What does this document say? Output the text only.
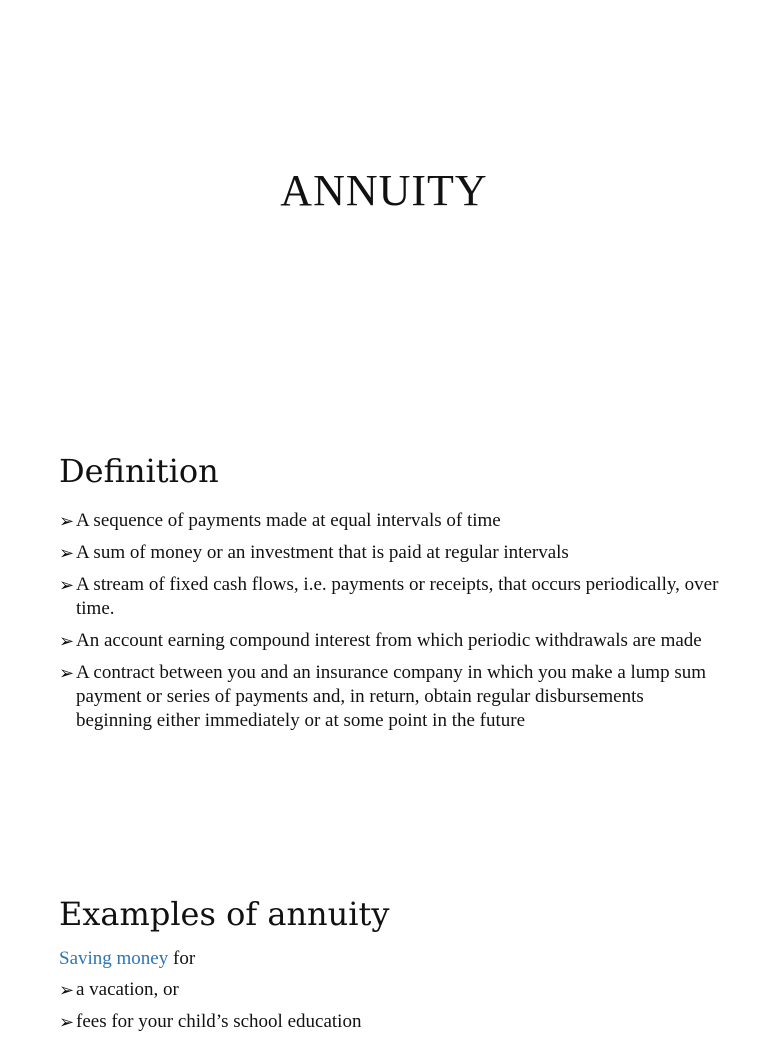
ANNUITY
Definition
➢ A sequence of payments made at equal intervals of time
➢ A sum of money or an investment that is paid at regular intervals
➢ A stream of fixed cash flows, i.e. payments or receipts, that occurs periodically, over time.
➢ An account earning compound interest from which periodic withdrawals are made
➢ A contract between you and an insurance company in which you make a lump sum payment or series of payments and, in return, obtain regular disbursements beginning either immediately or at some point in the future
Examples of annuity

Saving money for

➢ a vacation, or
➢ fees for your child’s school education
